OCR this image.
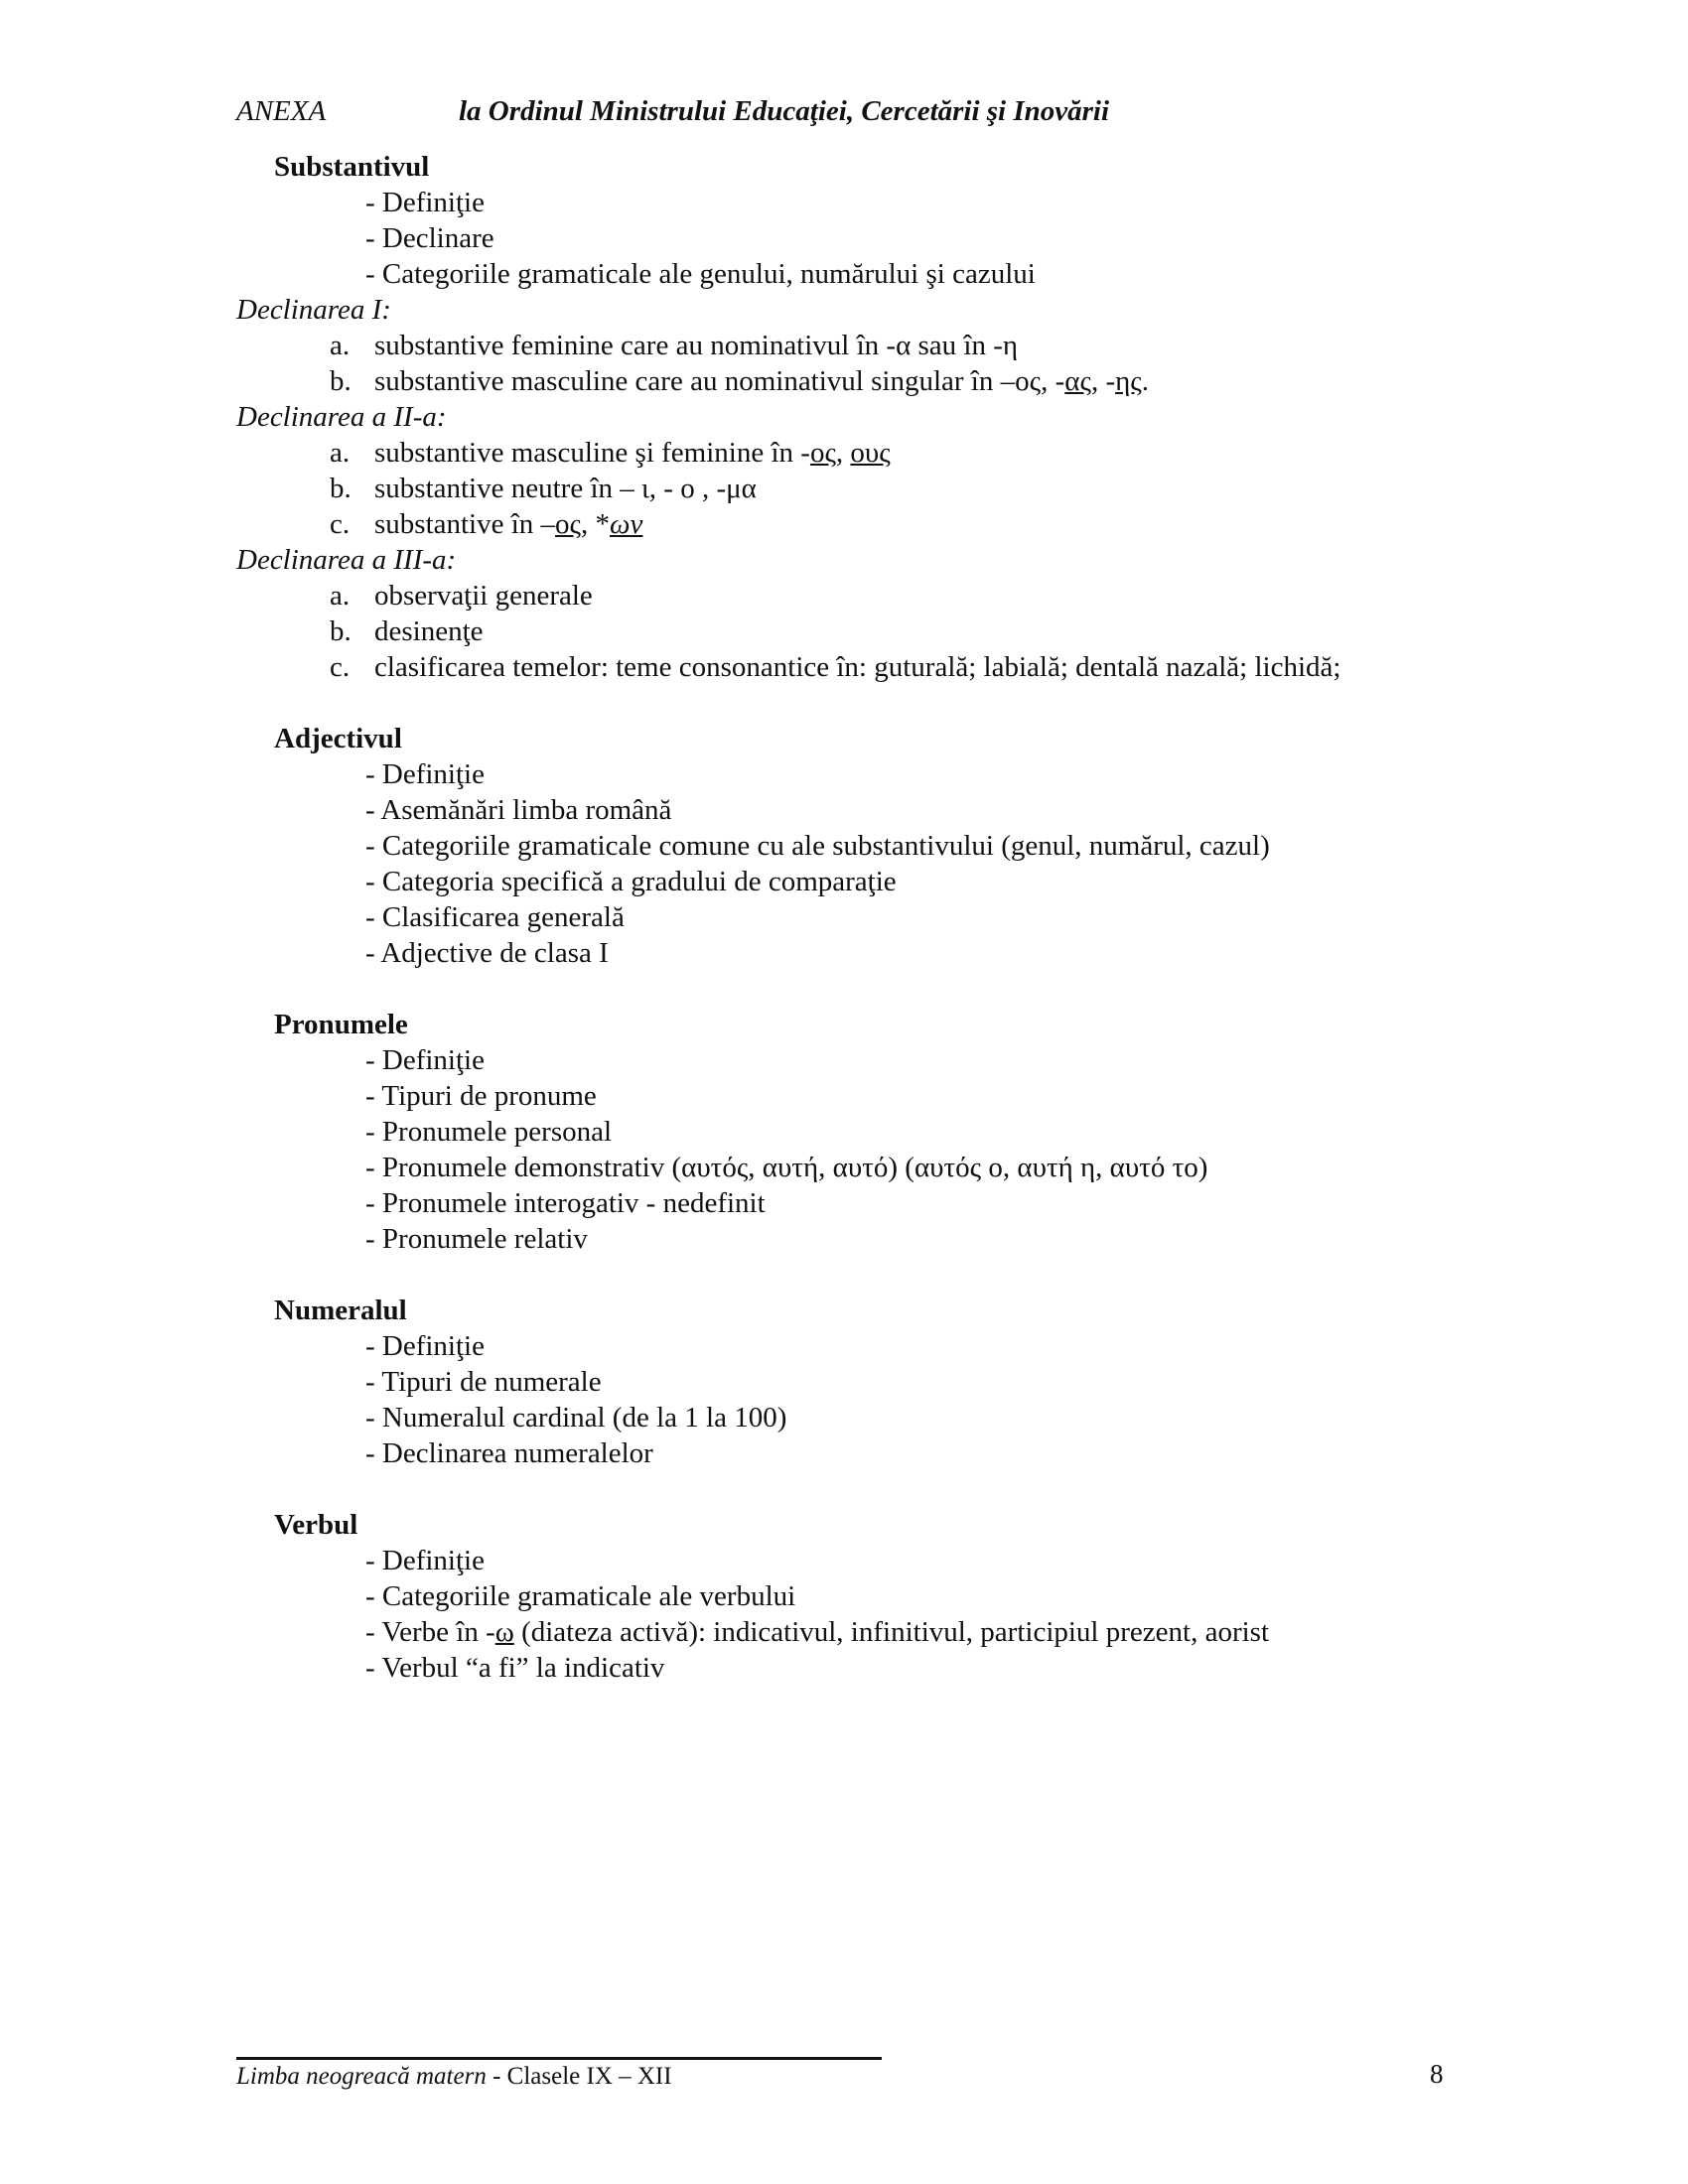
ANEXA	la Ordinul Ministrului Educaţiei, Cercetării şi Inovării
Substantivul
- Definiţie
- Declinare
- Categoriile gramaticale ale genului, numărului şi cazului
Declinarea I:
a. substantive feminine care au nominativul în -α sau în -η
b. substantive masculine care au nominativul singular în –ος, -ας, -ης.
Declinarea a II-a:
a. substantive masculine şi feminine în -ος, ους
b. substantive neutre în – ι, - ο , -μα
c. substantive în –ος, *ων
Declinarea a III-a:
a. observaţii generale
b. desinenţe
c. clasificarea temelor: teme consonantice în: guturală; labială; dentală nazală; lichidă;
Adjectivul
- Definiţie
- Asemănări limba română
- Categoriile gramaticale comune cu ale substantivului (genul, numărul, cazul)
- Categoria specifică a gradului de comparaţie
- Clasificarea generală
- Adjective de clasa I
Pronumele
- Definiţie
- Tipuri de pronume
- Pronumele personal
- Pronumele demonstrativ (αυτός, αυτή, αυτό) (αυτός ο, αυτή η, αυτό το)
- Pronumele interogativ - nedefinit
- Pronumele relativ
Numeralul
- Definiţie
- Tipuri de numerale
- Numeralul cardinal (de la 1 la 100)
- Declinarea numeralelor
Verbul
- Definiţie
- Categoriile gramaticale ale verbului
- Verbe în -ω (diateza activă): indicativul, infinitivul, participiul prezent, aorist
- Verbul “a fi” la indicativ
Limba neogreacă matern - Clasele IX – XII	8
